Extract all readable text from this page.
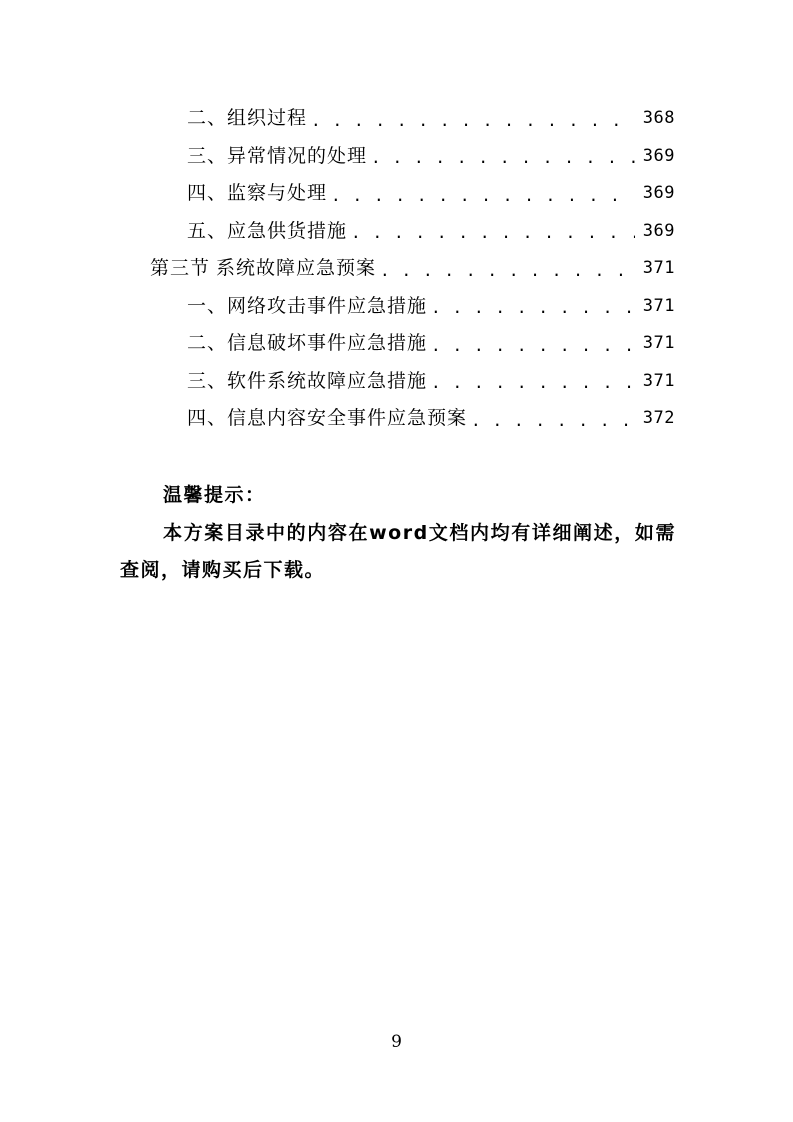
二、组织过程 . . .	368
三、异常情况的处理 . . .	369
四、监察与处理 . . .	369
五、应急供货措施 . . .	369
第三节 系统故障应急预案 . . .	371
一、网络攻击事件应急措施 . . .	371
二、信息破坏事件应急措施 . . .	371
三、软件系统故障应急措施 . . .	371
四、信息内容安全事件应急预案 . . .	372
温馨提示：
本方案目录中的内容在word文档内均有详细阐述，如需查阅，请购买后下载。
9
